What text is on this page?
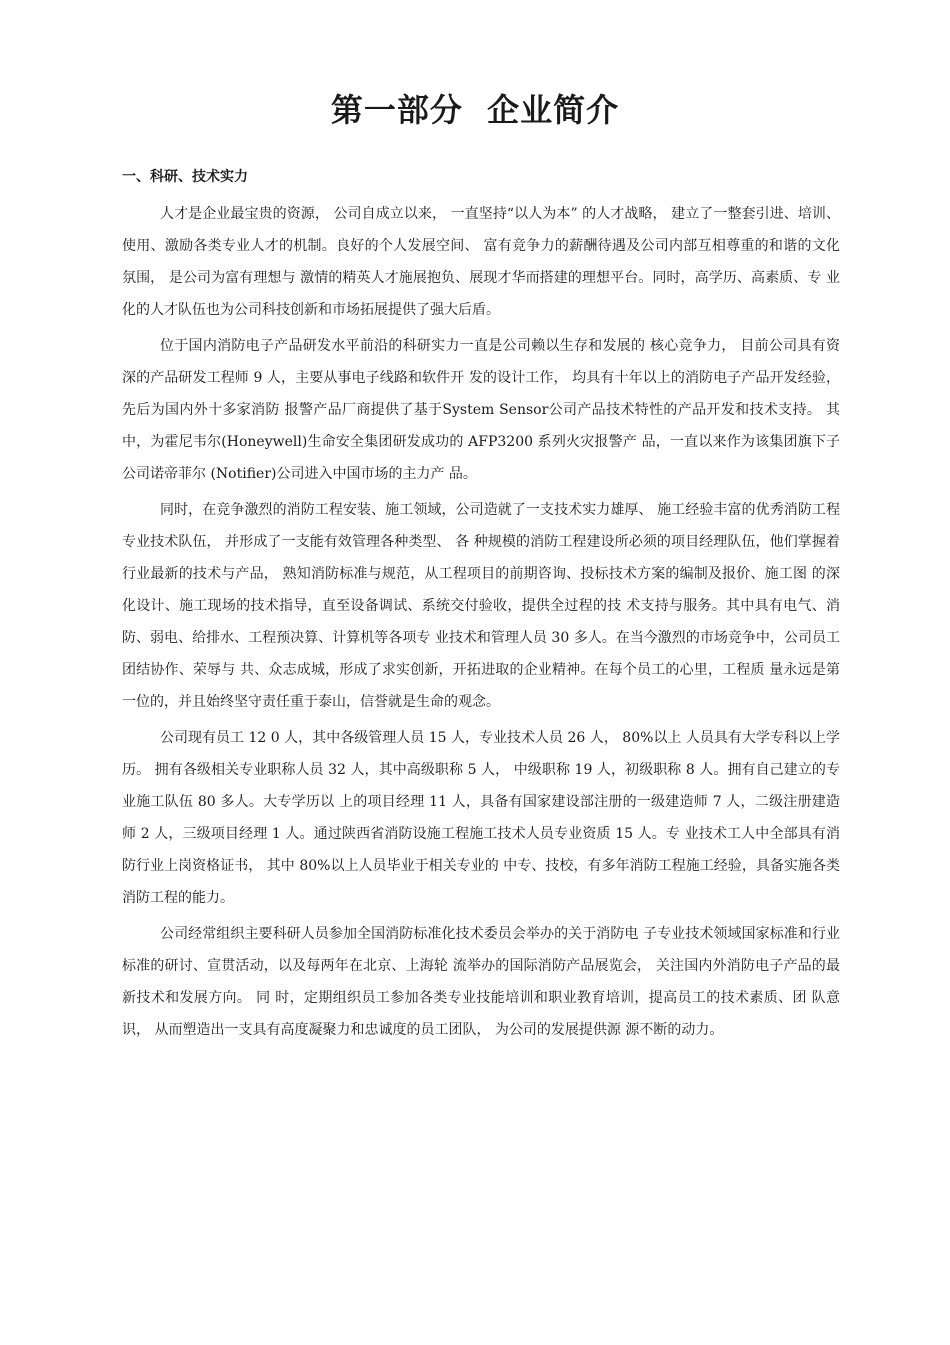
第一部分  企业简介
一、科研、技术实力

人才是企业最宝贵的资源， 公司自成立以来， 一直坚持“以人为本” 的人才战略， 建立了一整套引进、培训、使用、激励各类专业人才的机制。良好的个人发展空间、 富有竞争力的薪酬待遇及公司内部互相尊重的和谐的文化氛围， 是公司为富有理想与 激情的精英人才施展抱负、展现才华而搭建的理想平台。同时，高学历、高素质、专 业化的人才队伍也为公司科技创新和市场拓展提供了强大后盾。

位于国内消防电子产品研发水平前沿的科研实力一直是公司赖以生存和发展的 核心竞争力， 目前公司具有资深的产品研发工程师 9 人，主要从事电子线路和软件开 发的设计工作， 均具有十年以上的消防电子产品开发经验， 先后为国内外十多家消防 报警产品厂商提供了基于System Sensor公司产品技术特性的产品开发和技术支持。 其中，为霍尼韦尔(Honeywell)生命安全集团研发成功的 AFP3200 系列火灾报警产 品，一直以来作为该集团旗下子公司诺帝菲尔 (Notifier)公司进入中国市场的主力产 品。

同时，在竞争激烈的消防工程安装、施工领域，公司造就了一支技术实力雄厚、 施工经验丰富的优秀消防工程专业技术队伍， 并形成了一支能有效管理各种类型、 各 种规模的消防工程建设所必须的项目经理队伍，他们掌握着行业最新的技术与产品， 熟知消防标准与规范，从工程项目的前期咨询、投标技术方案的编制及报价、施工图 的深化设计、施工现场的技术指导，直至设备调试、系统交付验收，提供全过程的技 术支持与服务。其中具有电气、消防、弱电、给排水、工程预决算、计算机等各项专 业技术和管理人员 30 多人。在当今激烈的市场竞争中，公司员工团结协作、荣辱与 共、众志成城，形成了求实创新，开拓进取的企业精神。在每个员工的心里，工程质 量永远是第一位的，并且始终坚守责任重于泰山，信誉就是生命的观念。

公司现有员工 12 0 人，其中各级管理人员 15 人，专业技术人员 26 人， 80%以上 人员具有大学专科以上学历。 拥有各级相关专业职称人员 32 人，其中高级职称 5 人， 中级职称 19 人，初级职称 8 人。拥有自己建立的专业施工队伍 80 多人。大专学历以 上的项目经理 11 人，具备有国家建设部注册的一级建造师 7 人，二级注册建造师 2 人，三级项目经理 1 人。通过陕西省消防设施工程施工技术人员专业资质 15 人。专 业技术工人中全部具有消防行业上岗资格证书， 其中 80%以上人员毕业于相关专业的 中专、技校，有多年消防工程施工经验，具备实施各类消防工程的能力。

公司经常组织主要科研人员参加全国消防标准化技术委员会举办的关于消防电 子专业技术领域国家标准和行业标准的研讨、宣贯活动，以及每两年在北京、上海轮 流举办的国际消防产品展览会， 关注国内外消防电子产品的最新技术和发展方向。 同 时，定期组织员工参加各类专业技能培训和职业教育培训，提高员工的技术素质、团 队意识， 从而塑造出一支具有高度凝聚力和忠诚度的员工团队， 为公司的发展提供源 源不断的动力。
